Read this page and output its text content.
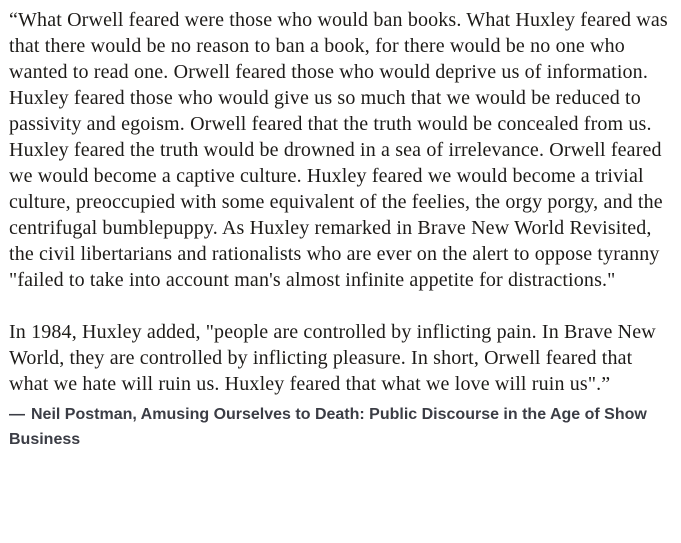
“What Orwell feared were those who would ban books. What Huxley feared was that there would be no reason to ban a book, for there would be no one who wanted to read one. Orwell feared those who would deprive us of information. Huxley feared those who would give us so much that we would be reduced to passivity and egoism. Orwell feared that the truth would be concealed from us. Huxley feared the truth would be drowned in a sea of irrelevance. Orwell feared we would become a captive culture. Huxley feared we would become a trivial culture, preoccupied with some equivalent of the feelies, the orgy porgy, and the centrifugal bumblepuppy. As Huxley remarked in Brave New World Revisited, the civil libertarians and rationalists who are ever on the alert to oppose tyranny "failed to take into account man's almost infinite appetite for distractions."

In 1984, Huxley added, "people are controlled by inflicting pain. In Brave New World, they are controlled by inflicting pleasure. In short, Orwell feared that what we hate will ruin us. Huxley feared that what we love will ruin us".”

― Neil Postman, Amusing Ourselves to Death: Public Discourse in the Age of Show Business
